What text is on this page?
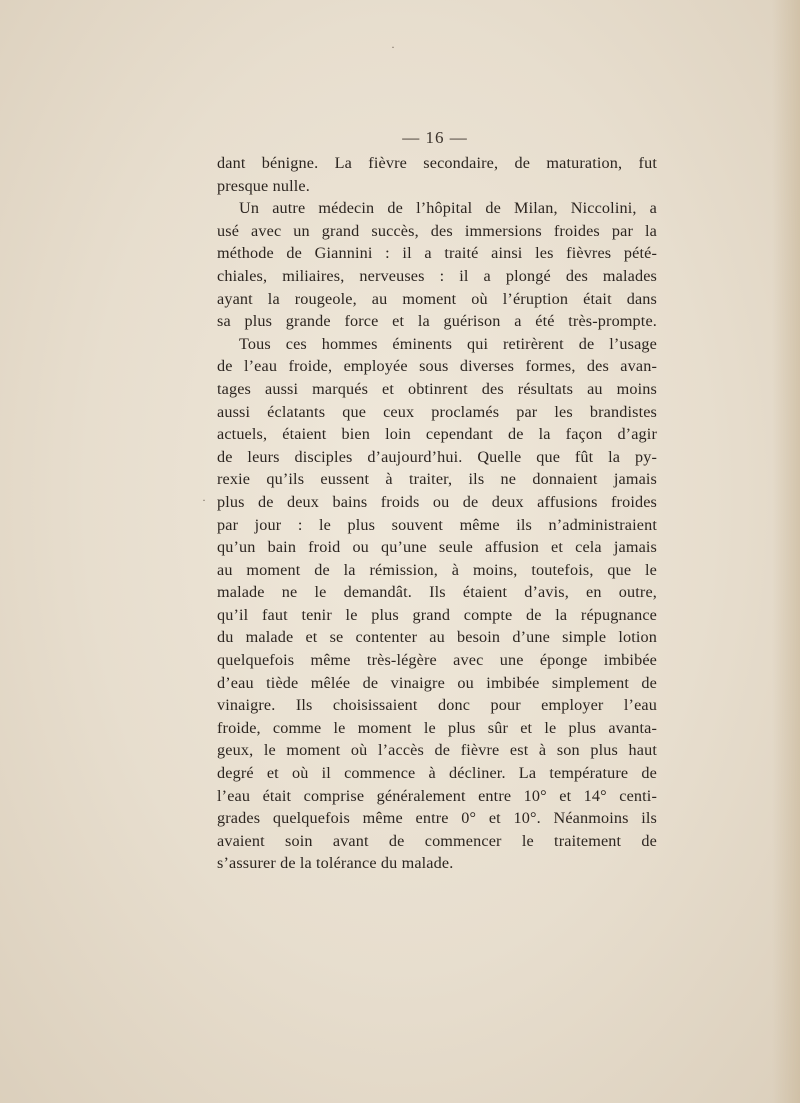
·
·
— 16 —
dant bénigne. La fièvre secondaire, de maturation, fut
presque nulle.
Un autre médecin de l’hôpital de Milan, Niccolini, a
usé avec un grand succès, des immersions froides par la
méthode de Giannini : il a traité ainsi les fièvres pété-
chiales, miliaires, nerveuses : il a plongé des malades
ayant la rougeole, au moment où l’éruption était dans
sa plus grande force et la guérison a été très-prompte.
Tous ces hommes éminents qui retirèrent de l’usage
de l’eau froide, employée sous diverses formes, des avan-
tages aussi marqués et obtinrent des résultats au moins
aussi éclatants que ceux proclamés par les brandistes
actuels, étaient bien loin cependant de la façon d’agir
de leurs disciples d’aujourd’hui. Quelle que fût la py-
rexie qu’ils eussent à traiter, ils ne donnaient jamais
plus de deux bains froids ou de deux affusions froides
par jour : le plus souvent même ils n’administraient
qu’un bain froid ou qu’une seule affusion et cela jamais
au moment de la rémission, à moins, toutefois, que le
malade ne le demandât. Ils étaient d’avis, en outre,
qu’il faut tenir le plus grand compte de la répugnance
du malade et se contenter au besoin d’une simple lotion
quelquefois même très-légère avec une éponge imbibée
d’eau tiède mêlée de vinaigre ou imbibée simplement de
vinaigre. Ils choisissaient donc pour employer l’eau
froide, comme le moment le plus sûr et le plus avanta-
geux, le moment où l’accès de fièvre est à son plus haut
degré et où il commence à décliner. La température de
l’eau était comprise généralement entre 10° et 14° centi-
grades quelquefois même entre 0° et 10°. Néanmoins ils
avaient soin avant de commencer le traitement de
s’assurer de la tolérance du malade.
